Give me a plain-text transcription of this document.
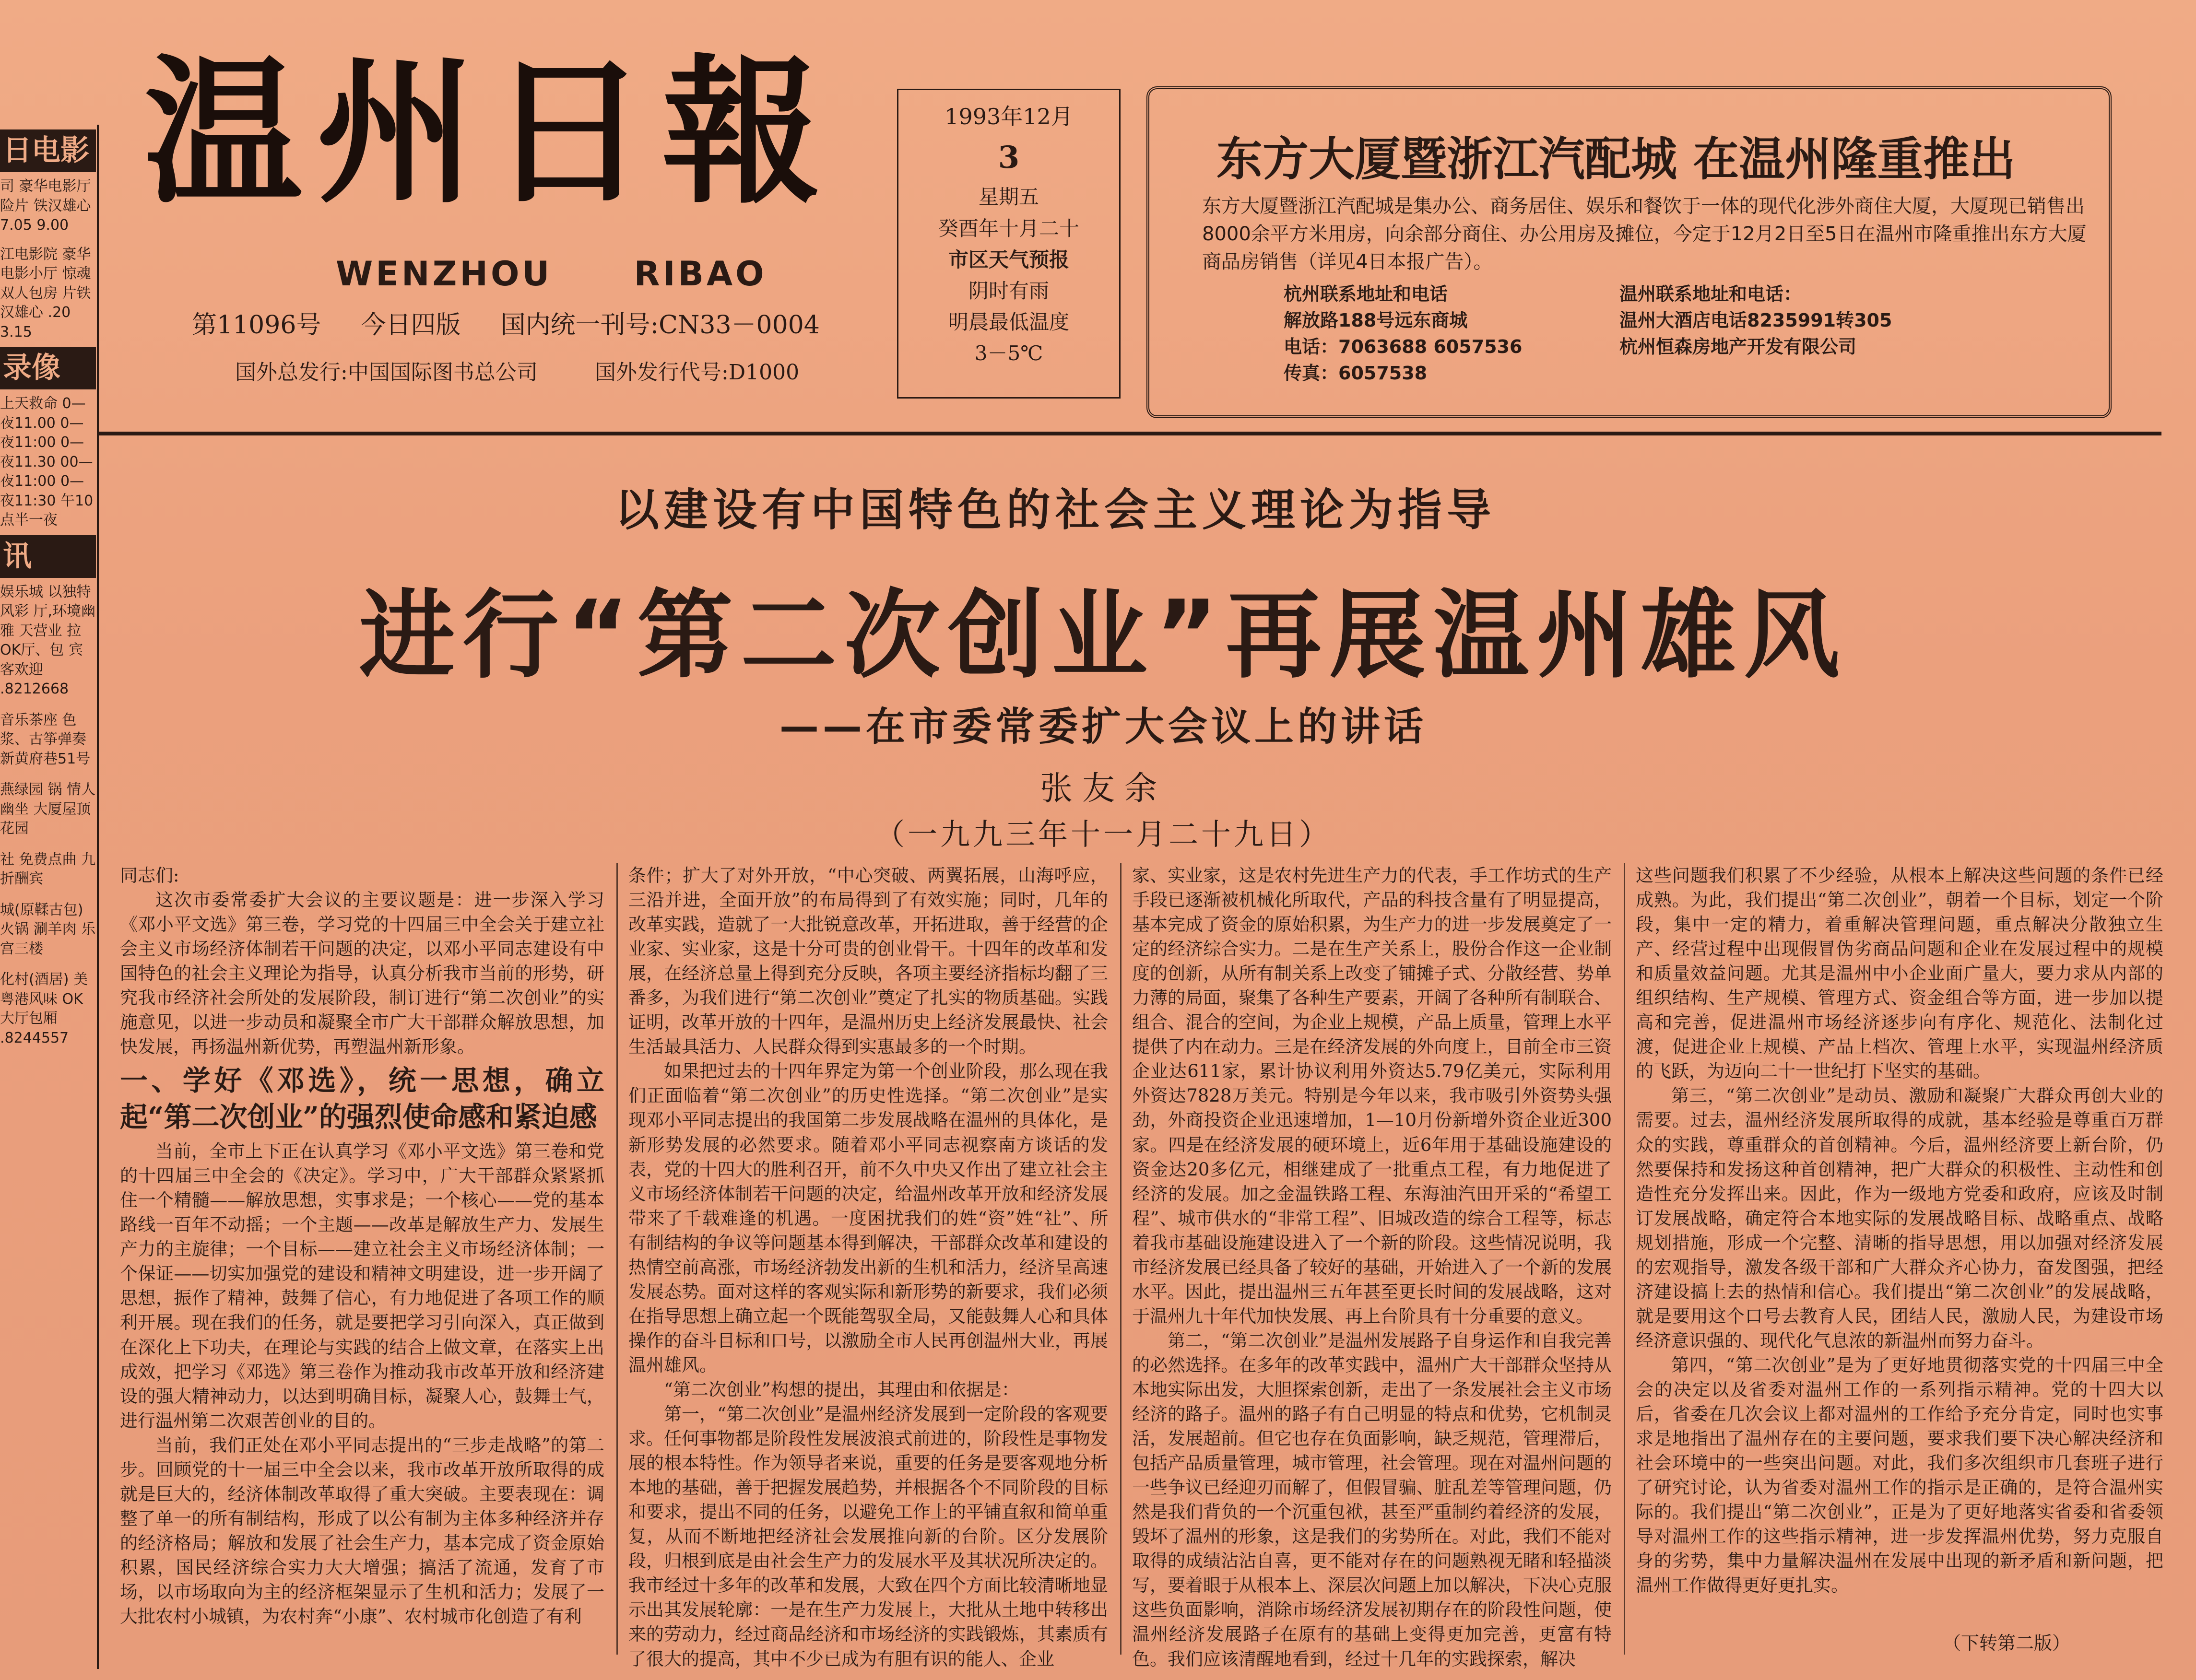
日电影
司 豪华电影厅 险片 铁汉雄心 7.05 9.00
江电影院 豪华电影小厅 惊魂双人包房 片铁汉雄心 .20 3.15
录像
上天救命 0—夜11.00 0—夜11:00 0—夜11.30 00—夜11:00 0—夜11:30 午10点半一夜
讯
娱乐城 以独特风彩 厅,环境幽雅 天营业 拉OK厅、包 宾客欢迎 .8212668
音乐茶座 色浆、古筝弹奏 新黄府巷51号
燕绿园 锅 情人幽坐 大厦屋顶花园
社 免费点曲 九折酬宾
城(原鞣古包) 火锅 涮羊肉 乐宫三楼
化村(酒居) 美 粤港风味 OK大厅包厢 .8244557
温州日報
WENZHOU RIBAO
第11096号 今日四版 国内统一刊号:CN33－0004
国外总发行:中国国际图书总公司	国外发行代号:D1000
1993年12月
3
星期五
癸酉年十月二十
市区天气预报
阴时有雨
明晨最低温度
3－5℃
东方大厦暨浙江汽配城 在温州隆重推出
东方大厦暨浙江汽配城是集办公、商务居住、娱乐和餐饮于一体的现代化涉外商住大厦，大厦现已销售出8000余平方米用房，向余部分商住、办公用房及摊位，今定于12月2日至5日在温州市隆重推出东方大厦商品房销售（详见4日本报广告）。
杭州联系地址和电话
解放路188号远东商城
电话：7063688 6057536
传真：6057538
温州联系地址和电话：
温州大酒店电话8235991转305
杭州恒森房地产开发有限公司
以建设有中国特色的社会主义理论为指导
进行“第二次创业”再展温州雄风
——在市委常委扩大会议上的讲话
张友余
（一九九三年十一月二十九日）

同志们:

这次市委常委扩大会议的主要议题是：进一步深入学习《邓小平文选》第三卷，学习党的十四届三中全会关于建立社会主义市场经济体制若干问题的决定，以邓小平同志建设有中国特色的社会主义理论为指导，认真分析我市当前的形势，研究我市经济社会所处的发展阶段，制订进行“第二次创业”的实施意见，以进一步动员和凝聚全市广大干部群众解放思想，加快发展，再扬温州新优势，再塑温州新形象。

一、学好《邓选》，统一思想，确立起“第二次创业”的强烈使命感和紧迫感

当前，全市上下正在认真学习《邓小平文选》第三卷和党的十四届三中全会的《决定》。学习中，广大干部群众紧紧抓住一个精髓——解放思想，实事求是；一个核心——党的基本路线一百年不动摇；一个主题——改革是解放生产力、发展生产力的主旋律；一个目标——建立社会主义市场经济体制；一个保证——切实加强党的建设和精神文明建设，进一步开阔了思想，振作了精神，鼓舞了信心，有力地促进了各项工作的顺利开展。现在我们的任务，就是要把学习引向深入，真正做到在深化上下功夫，在理论与实践的结合上做文章，在落实上出成效，把学习《邓选》第三卷作为推动我市改革开放和经济建设的强大精神动力，以达到明确目标，凝聚人心，鼓舞士气，进行温州第二次艰苦创业的目的。

当前，我们正处在邓小平同志提出的“三步走战略”的第二步。回顾党的十一届三中全会以来，我市改革开放所取得的成就是巨大的，经济体制改革取得了重大突破。主要表现在：调整了单一的所有制结构，形成了以公有制为主体多种经济并存的经济格局；解放和发展了社会生产力，基本完成了资金原始积累，国民经济综合实力大大增强；搞活了流通，发育了市场，以市场取向为主的经济框架显示了生机和活力；发展了一大批农村小城镇，为农村奔“小康”、农村城市化创造了有利

条件；扩大了对外开放，“中心突破、两翼拓展，山海呼应，三沿并进，全面开放”的布局得到了有效实施；同时，几年的改革实践，造就了一大批锐意改革，开拓进取，善于经营的企业家、实业家，这是十分可贵的创业骨干。十四年的改革和发展，在经济总量上得到充分反映，各项主要经济指标均翻了三番多，为我们进行“第二次创业”奠定了扎实的物质基础。实践证明，改革开放的十四年，是温州历史上经济发展最快、社会生活最具活力、人民群众得到实惠最多的一个时期。

如果把过去的十四年界定为第一个创业阶段，那么现在我们正面临着“第二次创业”的历史性选择。“第二次创业”是实现邓小平同志提出的我国第二步发展战略在温州的具体化，是新形势发展的必然要求。随着邓小平同志视察南方谈话的发表，党的十四大的胜利召开，前不久中央又作出了建立社会主义市场经济体制若干问题的决定，给温州改革开放和经济发展带来了千载难逢的机遇。一度困扰我们的姓“资”姓“社”、所有制结构的争议等问题基本得到解决，干部群众改革和建设的热情空前高涨，市场经济勃发出新的生机和活力，经济呈高速发展态势。面对这样的客观实际和新形势的新要求，我们必须在指导思想上确立起一个既能驾驭全局，又能鼓舞人心和具体操作的奋斗目标和口号，以激励全市人民再创温州大业，再展温州雄风。

“第二次创业”构想的提出，其理由和依据是：

第一，“第二次创业”是温州经济发展到一定阶段的客观要求。任何事物都是阶段性发展波浪式前进的，阶段性是事物发展的根本特性。作为领导者来说，重要的任务是要客观地分析本地的基础，善于把握发展趋势，并根据各个不同阶段的目标和要求，提出不同的任务，以避免工作上的平铺直叙和简单重复，从而不断地把经济社会发展推向新的台阶。区分发展阶段，归根到底是由社会生产力的发展水平及其状况所决定的。我市经过十多年的改革和发展，大致在四个方面比较清晰地显示出其发展轮廓：一是在生产力发展上，大批从土地中转移出来的劳动力，经过商品经济和市场经济的实践锻炼，其素质有了很大的提高，其中不少已成为有胆有识的能人、企业

家、实业家，这是农村先进生产力的代表，手工作坊式的生产手段已逐渐被机械化所取代，产品的科技含量有了明显提高，基本完成了资金的原始积累，为生产力的进一步发展奠定了一定的经济综合实力。二是在生产关系上，股份合作这一企业制度的创新，从所有制关系上改变了铺摊子式、分散经营、势单力薄的局面，聚集了各种生产要素，开阔了各种所有制联合、组合、混合的空间，为企业上规模，产品上质量，管理上水平提供了内在动力。三是在经济发展的外向度上，目前全市三资企业达611家，累计协议利用外资达5.79亿美元，实际利用外资达7828万美元。特别是今年以来，我市吸引外资势头强劲，外商投资企业迅速增加，1—10月份新增外资企业近300家。四是在经济发展的硬环境上，近6年用于基础设施建设的资金达20多亿元，相继建成了一批重点工程，有力地促进了经济的发展。加之金温铁路工程、东海油汽田开采的“希望工程”、城市供水的“非常工程”、旧城改造的综合工程等，标志着我市基础设施建设进入了一个新的阶段。这些情况说明，我市经济发展已经具备了较好的基础，开始进入了一个新的发展水平。因此，提出温州三五年甚至更长时间的发展战略，这对于温州九十年代加快发展、再上台阶具有十分重要的意义。

第二，“第二次创业”是温州发展路子自身运作和自我完善的必然选择。在多年的改革实践中，温州广大干部群众坚持从本地实际出发，大胆探索创新，走出了一条发展社会主义市场经济的路子。温州的路子有自己明显的特点和优势，它机制灵活，发展超前。但它也存在负面影响，缺乏规范，管理滞后，包括产品质量管理，城市管理，社会管理。现在对温州问题的一些争议已经迎刃而解了，但假冒骗、脏乱差等管理问题，仍然是我们背负的一个沉重包袱，甚至严重制约着经济的发展，毁坏了温州的形象，这是我们的劣势所在。对此，我们不能对取得的成绩沾沾自喜，更不能对存在的问题熟视无睹和轻描淡写，要着眼于从根本上、深层次问题上加以解决，下决心克服这些负面影响，消除市场经济发展初期存在的阶段性问题，使温州经济发展路子在原有的基础上变得更加完善，更富有特色。我们应该清醒地看到，经过十几年的实践探索，解决

这些问题我们积累了不少经验，从根本上解决这些问题的条件已经成熟。为此，我们提出“第二次创业”，朝着一个目标，划定一个阶段，集中一定的精力，着重解决管理问题，重点解决分散独立生产、经营过程中出现假冒伪劣商品问题和企业在发展过程中的规模和质量效益问题。尤其是温州中小企业面广量大，要力求从内部的组织结构、生产规模、管理方式、资金组合等方面，进一步加以提高和完善，促进温州市场经济逐步向有序化、规范化、法制化过渡，促进企业上规模、产品上档次、管理上水平，实现温州经济质的飞跃，为迈向二十一世纪打下坚实的基础。

第三，“第二次创业”是动员、激励和凝聚广大群众再创大业的需要。过去，温州经济发展所取得的成就，基本经验是尊重百万群众的实践，尊重群众的首创精神。今后，温州经济要上新台阶，仍然要保持和发扬这种首创精神，把广大群众的积极性、主动性和创造性充分发挥出来。因此，作为一级地方党委和政府，应该及时制订发展战略，确定符合本地实际的发展战略目标、战略重点、战略规划措施，形成一个完整、清晰的指导思想，用以加强对经济发展的宏观指导，激发各级干部和广大群众齐心协力，奋发图强，把经济建设搞上去的热情和信心。我们提出“第二次创业”的发展战略，就是要用这个口号去教育人民，团结人民，激励人民，为建设市场经济意识强的、现代化气息浓的新温州而努力奋斗。

第四，“第二次创业”是为了更好地贯彻落实党的十四届三中全会的决定以及省委对温州工作的一系列指示精神。党的十四大以后，省委在几次会议上都对温州的工作给予充分肯定，同时也实事求是地指出了温州存在的主要问题，要求我们要下决心解决经济和社会环境中的一些突出问题。对此，我们多次组织市几套班子进行了研究讨论，认为省委对温州工作的指示是正确的，是符合温州实际的。我们提出“第二次创业”，正是为了更好地落实省委和省委领导对温州工作的这些指示精神，进一步发挥温州优势，努力克服自身的劣势，集中力量解决温州在发展中出现的新矛盾和新问题，把温州工作做得更好更扎实。

（下转第二版）
